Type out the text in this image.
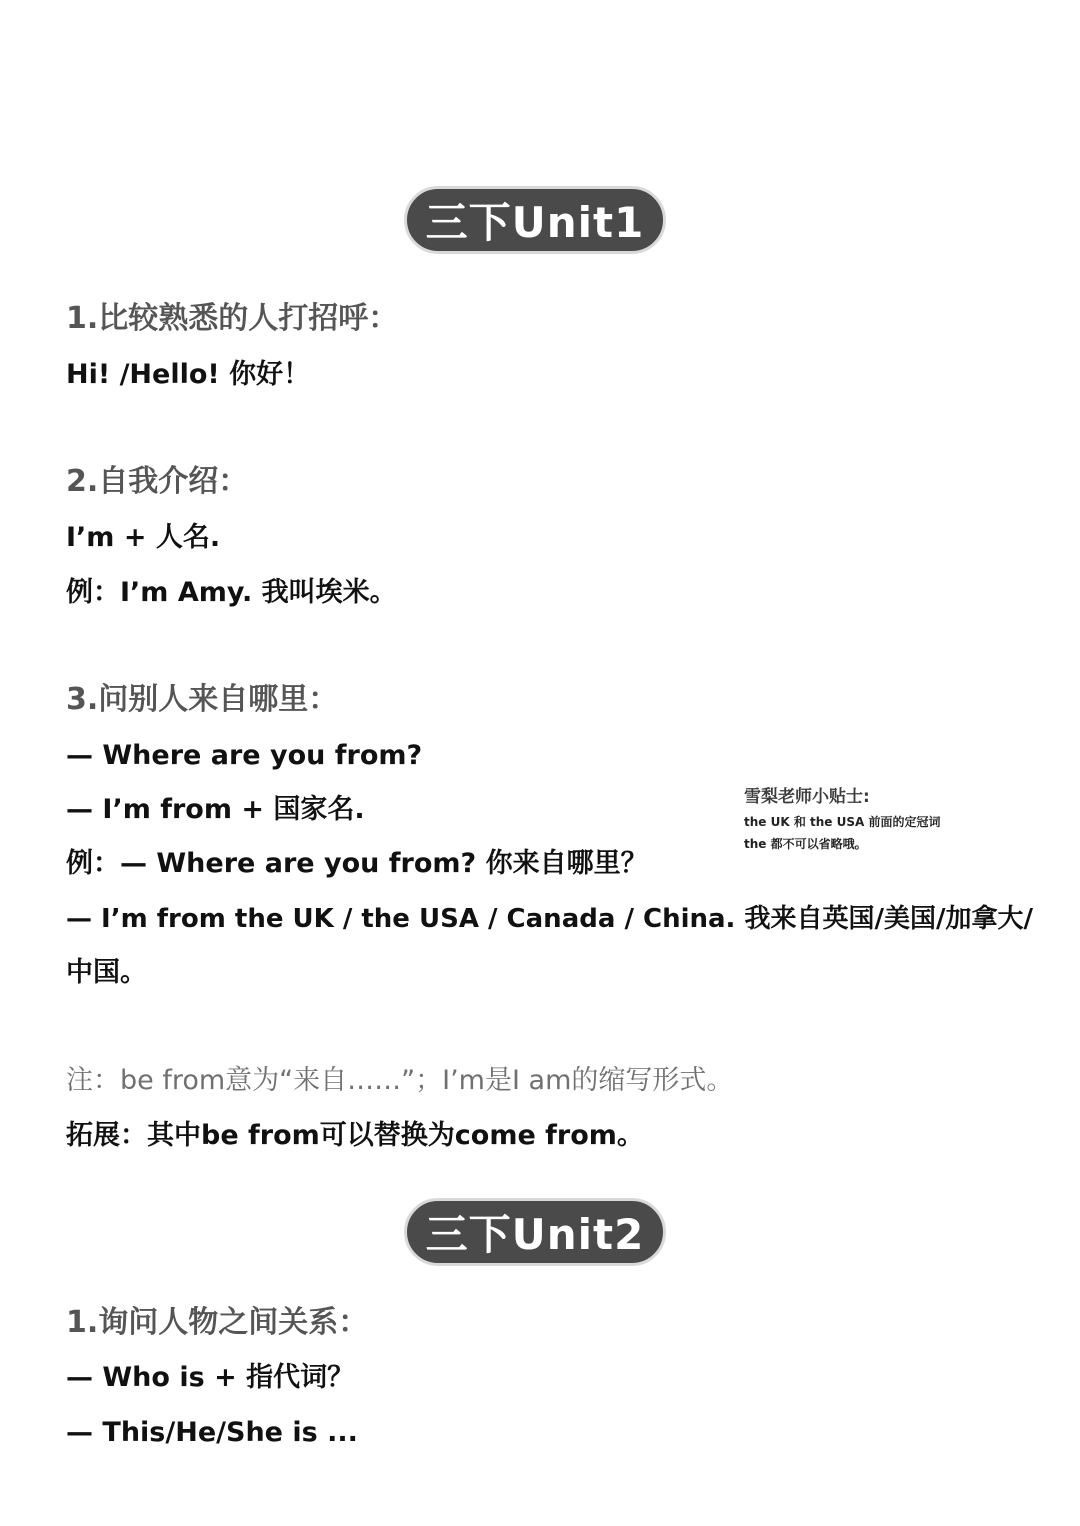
三下Unit1
1.比较熟悉的人打招呼：
Hi! /Hello! 你好！
2.自我介绍：
I’m + 人名.
例：I’m Amy. 我叫埃米。
3.问别人来自哪里：
— Where are you from?
— I’m from + 国家名.
例：— Where are you from? 你来自哪里？
— I’m from the UK / the USA / Canada / China. 我来自英国/美国/加拿大/
中国。
雪梨老师小贴士:
the UK 和 the USA 前面的定冠词
the 都不可以省略哦。
注：be from意为“来自……”；I’m是I am的缩写形式。
拓展：其中be from可以替换为come from。
三下Unit2
1.询问人物之间关系：
— Who is + 指代词？
— This/He/She is ...
